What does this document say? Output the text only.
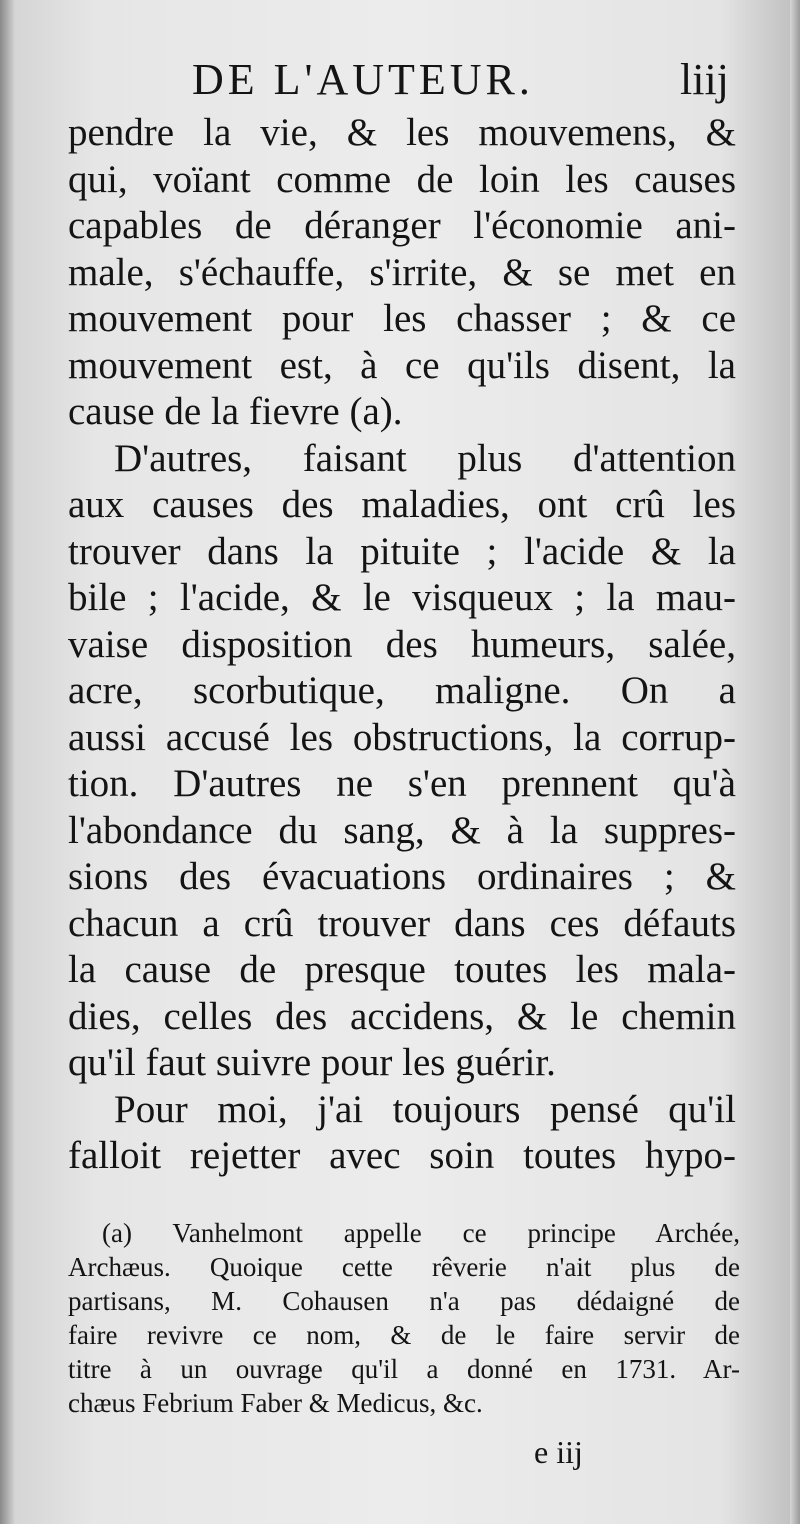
DE L'AUTEUR.	liij
pendre la vie, & les mouvemens, &
qui, voïant comme de loin les causes
capables de déranger l'économie ani-
male, s'échauffe, s'irrite, & se met en
mouvement pour les chasser ; & ce
mouvement est, à ce qu'ils disent, la
cause de la fievre (a).
D'autres, faisant plus d'attention
aux causes des maladies, ont crû les
trouver dans la pituite ; l'acide & la
bile ; l'acide, & le visqueux ; la mau-
vaise disposition des humeurs, salée,
acre, scorbutique, maligne. On a
aussi accusé les obstructions, la corrup-
tion. D'autres ne s'en prennent qu'à
l'abondance du sang, & à la suppres-
sions des évacuations ordinaires ; &
chacun a crû trouver dans ces défauts
la cause de presque toutes les mala-
dies, celles des accidens, & le chemin
qu'il faut suivre pour les guérir.
Pour moi, j'ai toujours pensé qu'il
falloit rejetter avec soin toutes hypo-
(a) Vanhelmont appelle ce principe Archée,
Archæus. Quoique cette rêverie n'ait plus de
partisans, M. Cohausen n'a pas dédaigné de
faire revivre ce nom, & de le faire servir de
titre à un ouvrage qu'il a donné en 1731. Ar-
chæus Febrium Faber & Medicus, &c.
e iij
